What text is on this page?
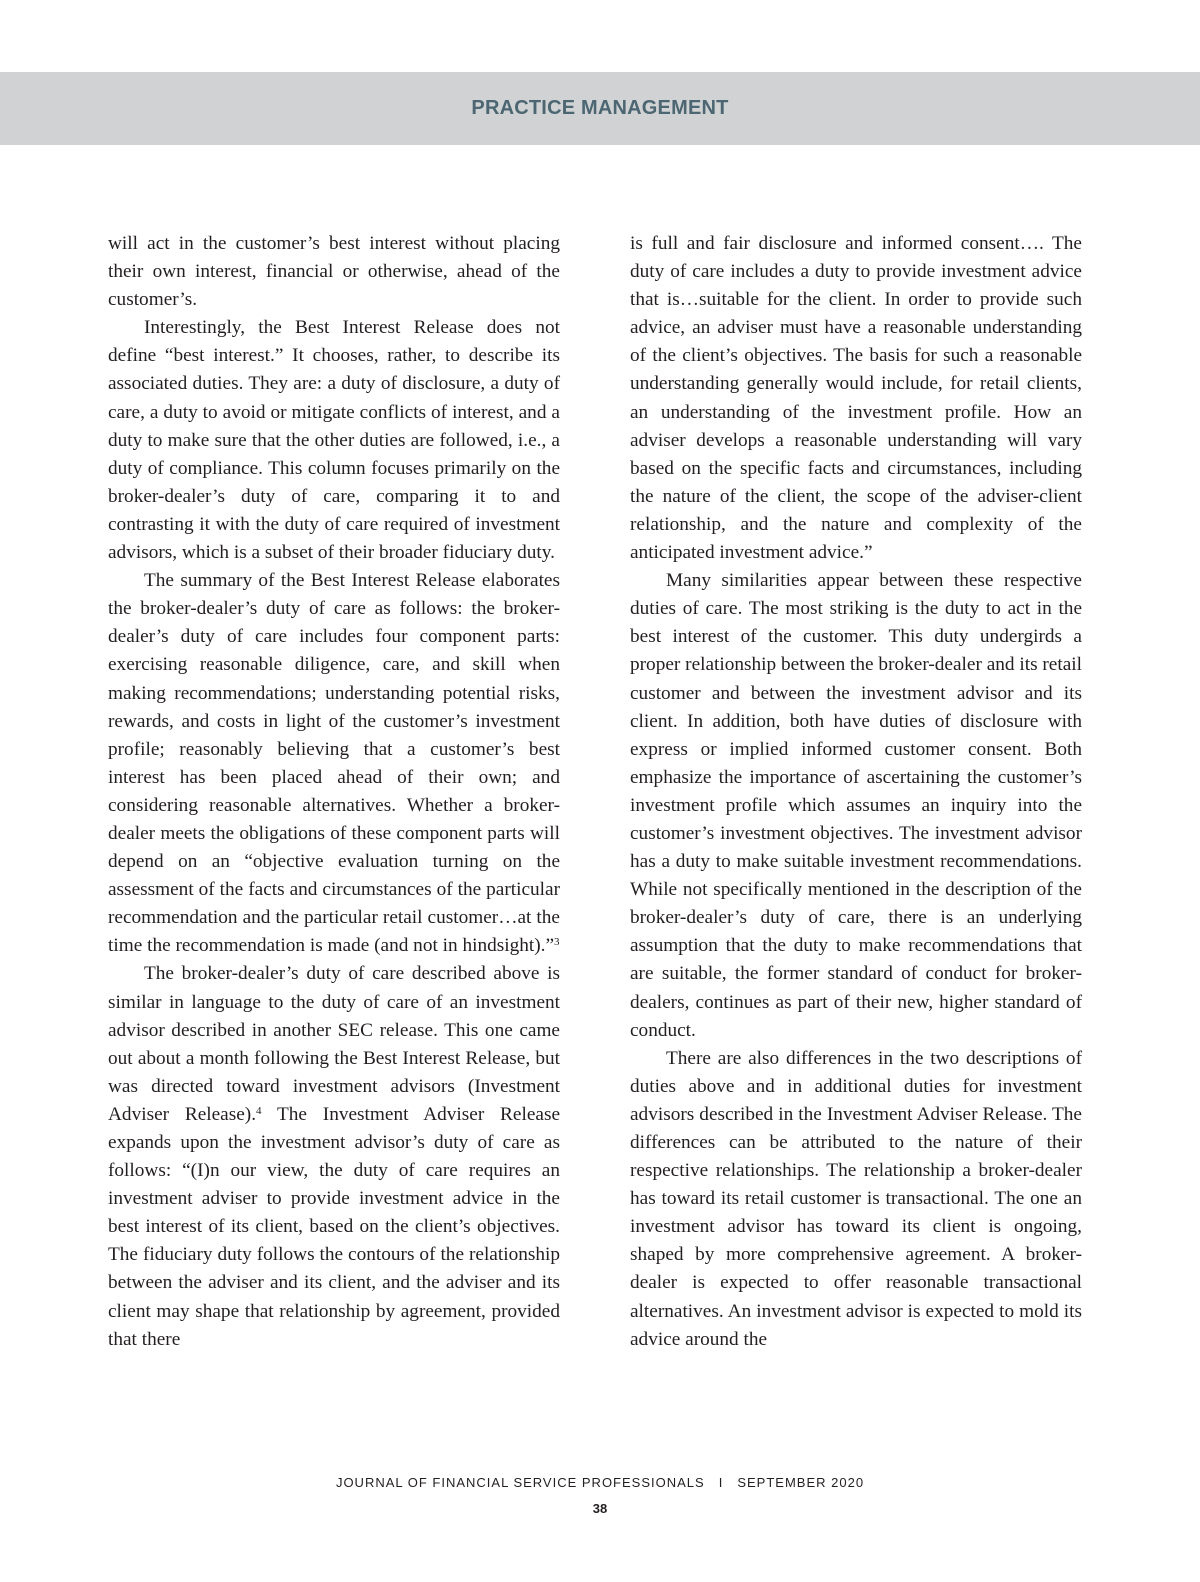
PRACTICE MANAGEMENT

will act in the customer’s best interest without placing their own interest, financial or otherwise, ahead of the customer’s.

Interestingly, the Best Interest Release does not define “best interest.” It chooses, rather, to describe its associated duties. They are: a duty of disclosure, a duty of care, a duty to avoid or mitigate conflicts of interest, and a duty to make sure that the other duties are followed, i.e., a duty of compliance. This column focuses primarily on the broker-dealer’s duty of care, comparing it to and contrasting it with the duty of care required of investment advisors, which is a subset of their broader fiduciary duty.

The summary of the Best Interest Release elaborates the broker-dealer’s duty of care as follows: the broker-dealer’s duty of care includes four component parts: exercising reasonable diligence, care, and skill when making recommendations; understanding potential risks, rewards, and costs in light of the customer’s investment profile; reasonably believing that a customer’s best interest has been placed ahead of their own; and considering reasonable alternatives. Whether a broker-dealer meets the obligations of these component parts will depend on an “objective evaluation turning on the assessment of the facts and circumstances of the particular recommendation and the particular retail customer…at the time the recommendation is made (and not in hindsight).”$^3$

The broker-dealer’s duty of care described above is similar in language to the duty of care of an investment advisor described in another SEC release. This one came out about a month following the Best Interest Release, but was directed toward investment advisors (Investment Adviser Release).$^4$ The Investment Adviser Release expands upon the investment advisor’s duty of care as follows: “(I)n our view, the duty of care requires an investment adviser to provide investment advice in the best interest of its client, based on the client’s objectives. The fiduciary duty follows the contours of the relationship between the adviser and its client, and the adviser and its client may shape that relationship by agreement, provided that there

is full and fair disclosure and informed consent…. The duty of care includes a duty to provide investment advice that is…suitable for the client. In order to provide such advice, an adviser must have a reasonable understanding of the client’s objectives. The basis for such a reasonable understanding generally would include, for retail clients, an understanding of the investment profile. How an adviser develops a reasonable understanding will vary based on the specific facts and circumstances, including the nature of the client, the scope of the adviser-client relationship, and the nature and complexity of the anticipated investment advice.”

Many similarities appear between these respective duties of care. The most striking is the duty to act in the best interest of the customer. This duty undergirds a proper relationship between the broker-dealer and its retail customer and between the investment advisor and its client. In addition, both have duties of disclosure with express or implied informed customer consent. Both emphasize the importance of ascertaining the customer’s investment profile which assumes an inquiry into the customer’s investment objectives. The investment advisor has a duty to make suitable investment recommendations. While not specifically mentioned in the description of the broker-dealer’s duty of care, there is an underlying assumption that the duty to make recommendations that are suitable, the former standard of conduct for broker-dealers, continues as part of their new, higher standard of conduct.

There are also differences in the two descriptions of duties above and in additional duties for investment advisors described in the Investment Adviser Release. The differences can be attributed to the nature of their respective relationships. The relationship a broker-dealer has toward its retail customer is transactional. The one an investment advisor has toward its client is ongoing, shaped by more comprehensive agreement. A broker-dealer is expected to offer reasonable transactional alternatives. An investment advisor is expected to mold its advice around the

JOURNAL OF FINANCIAL SERVICE PROFESSIONALS I SEPTEMBER 2020
38
